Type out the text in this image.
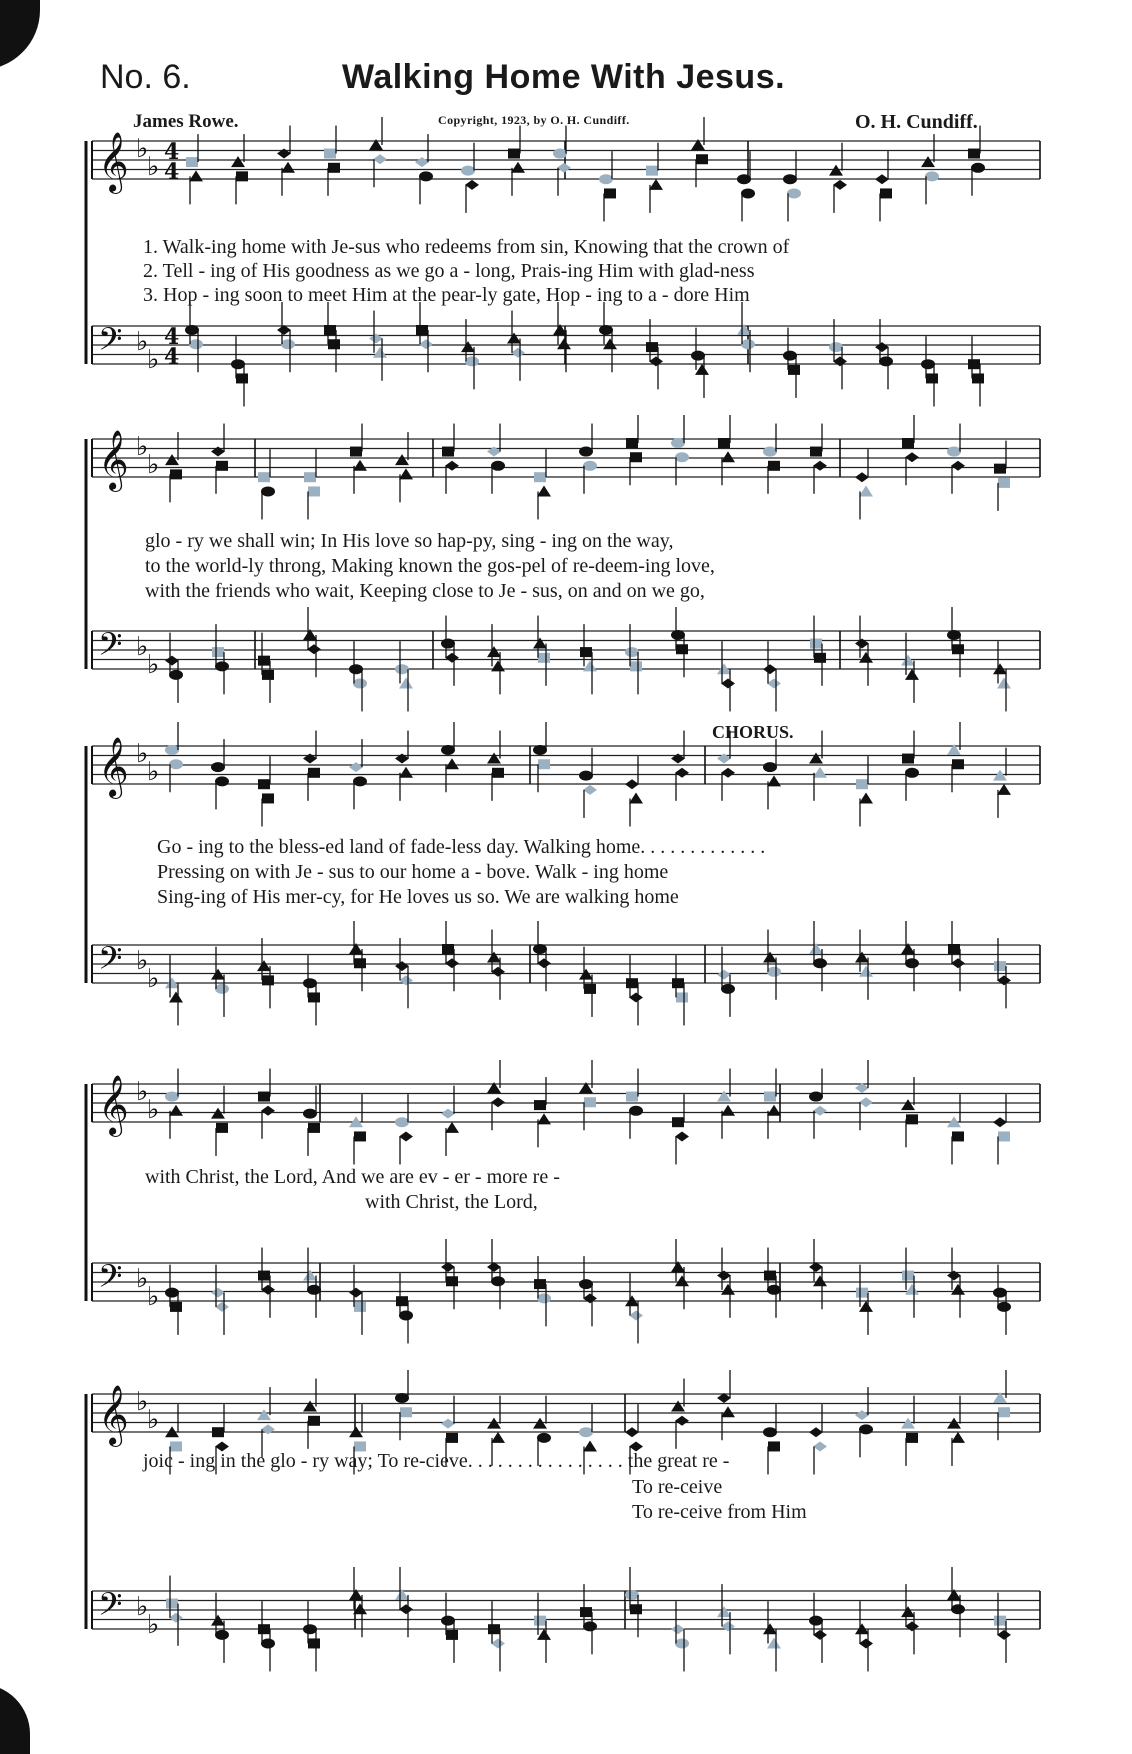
No. 6.	Walking Home With Jesus.
James Rowe.	Copyright, 1923, by O. H. Cundiff.	O. H. Cundiff.
𝄞 ♭
♭ 4
4
𝄢 ♭
♭
4
4
𝄞 ♭
♭
𝄢 ♭
♭
𝄞 ♭
♭
𝄢 ♭
♭
𝄞 ♭
♭
𝄢 ♭
♭
𝄞 ♭
♭
𝄢 ♭
♭
CHORUS.
1. Walk-ing home with Je-sus who redeems from sin, Knowing that the crown of
2. Tell - ing of His goodness as we go a - long, Prais-ing Him with glad-ness
3. Hop - ing soon to meet Him at the pear-ly gate, Hop - ing to a - dore Him
glo - ry we shall win; In His love so hap-py, sing - ing on the way,
to the world-ly throng, Making known the gos-pel of re-deem-ing love,
with the friends who wait, Keeping close to Je - sus, on and on we go,
Go - ing to the bless-ed land of fade-less day. Walking home. . . . . . . . . . . . .
Pressing on with Je - sus to our home a - bove. Walk - ing home
Sing-ing of His mer-cy, for He loves us so. We are walking home
with Christ, the Lord, And we are ev - er - more re -
with Christ, the Lord,
joic - ing in the glo - ry way; To re-cieve. . . . . . . . . . . . . . . . the great re -
To re-ceive
To re-ceive from Him
